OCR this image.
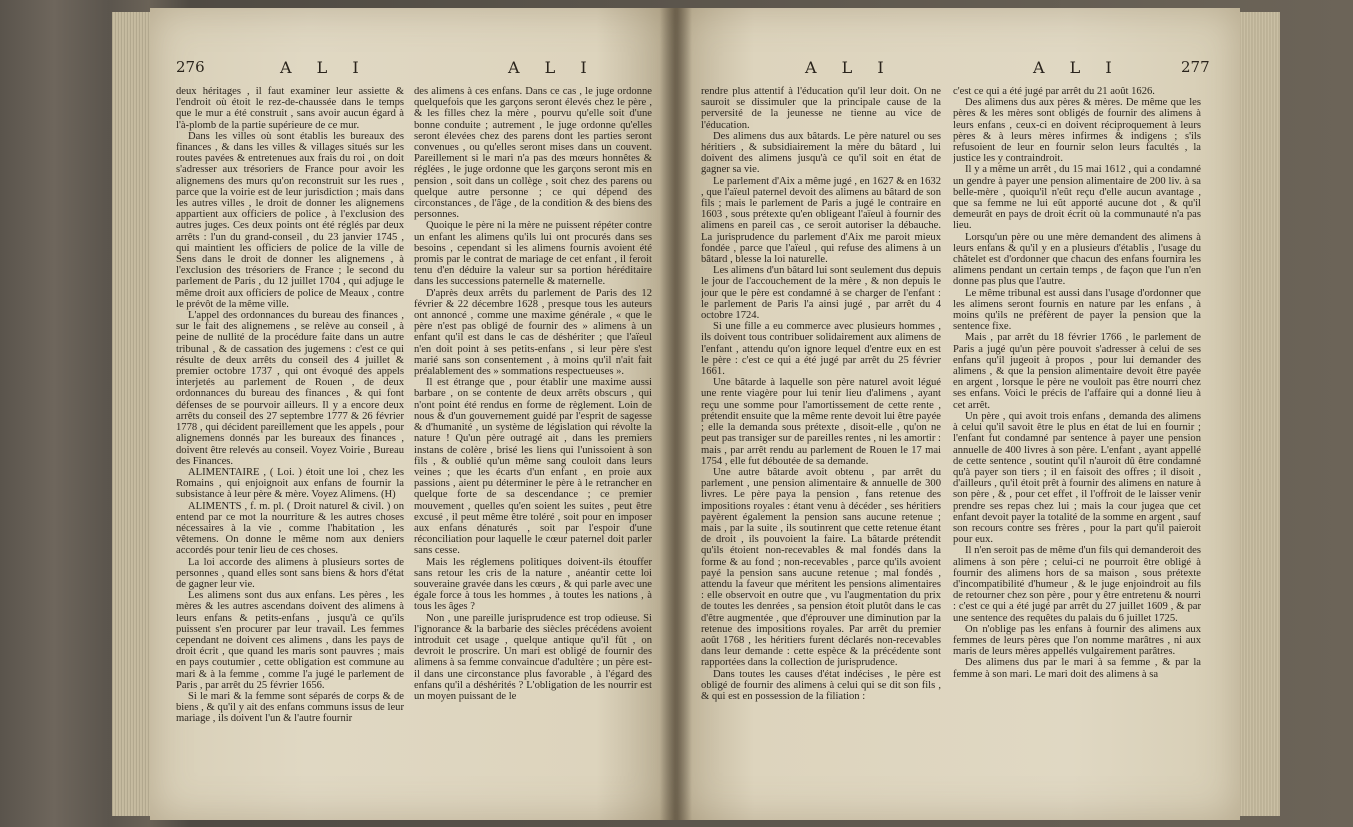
276	A L I	A L I

deux héritages , il faut examiner leur assiette & l'endroit où étoit le rez-de-chaussée dans le temps que le mur a été construit , sans avoir aucun égard à l'à-plomb de la partie supérieure de ce mur.

Dans les villes où sont établis les bureaux des finances , & dans les villes & villages situés sur les routes pavées & entretenues aux frais du roi , on doit s'adresser aux trésoriers de France pour avoir les alignemens des murs qu'on reconstruit sur les rues , parce que la voirie est de leur jurisdiction ; mais dans les autres villes , le droit de donner les alignemens appartient aux officiers de police , à l'exclusion des autres juges. Ces deux points ont été réglés par deux arrêts : l'un du grand-conseil , du 23 janvier 1745 , qui maintient les officiers de police de la ville de Sens dans le droit de donner les alignemens , à l'exclusion des trésoriers de France ; le second du parlement de Paris , du 12 juillet 1704 , qui adjuge le même droit aux officiers de police de Meaux , contre le prévôt de la même ville.

L'appel des ordonnances du bureau des finances , sur le fait des alignemens , se relève au conseil , à peine de nullité de la procédure faite dans un autre tribunal , & de cassation des jugemens : c'est ce qui résulte de deux arrêts du conseil des 4 juillet & premier octobre 1737 , qui ont évoqué des appels interjetés au parlement de Rouen , de deux ordonnances du bureau des finances , & qui font défenses de se pourvoir ailleurs. Il y a encore deux arrêts du conseil des 27 septembre 1777 & 26 février 1778 , qui décident pareillement que les appels , pour alignemens donnés par les bureaux des finances , doivent être relevés au conseil. Voyez Voirie , Bureau des Finances.

ALIMENTAIRE , ( Loi. ) étoit une loi , chez les Romains , qui enjoignoit aux enfans de fournir la subsistance à leur père & mère. Voyez Alimens. (H)

ALIMENTS , f. m. pl. ( Droit naturel & civil. ) on entend par ce mot la nourriture & les autres choses nécessaires à la vie , comme l'habitation , les vêtemens. On donne le même nom aux deniers accordés pour tenir lieu de ces choses.

La loi accorde des alimens à plusieurs sortes de personnes , quand elles sont sans biens & hors d'état de gagner leur vie.

Les alimens sont dus aux enfans. Les pères , les mères & les autres ascendans doivent des alimens à leurs enfans & petits-enfans , jusqu'à ce qu'ils puissent s'en procurer par leur travail. Les femmes cependant ne doivent ces alimens , dans les pays de droit écrit , que quand les maris sont pauvres ; mais en pays coutumier , cette obligation est commune au mari & à la femme , comme l'a jugé le parlement de Paris , par arrêt du 25 février 1656.

Si le mari & la femme sont séparés de corps & de biens , & qu'il y ait des enfans communs issus de leur mariage , ils doivent l'un & l'autre fournir

des alimens à ces enfans. Dans ce cas , le juge ordonne quelquefois que les garçons seront élevés chez le père , & les filles chez la mère , pourvu qu'elle soit d'une bonne conduite ; autrement , le juge ordonne qu'elles seront élevées chez des parens dont les parties seront convenues , ou qu'elles seront mises dans un couvent. Pareillement si le mari n'a pas des mœurs honnêtes & réglées , le juge ordonne que les garçons seront mis en pension , soit dans un collège , soit chez des parens ou quelque autre personne ; ce qui dépend des circonstances , de l'âge , de la condition & des biens des personnes.

Quoique le père ni la mère ne puissent répéter contre un enfant les alimens qu'ils lui ont procurés dans ses besoins , cependant si les alimens fournis avoient été promis par le contrat de mariage de cet enfant , il feroit tenu d'en déduire la valeur sur sa portion héréditaire dans les successions paternelle & maternelle.

D'après deux arrêts du parlement de Paris des 12 février & 22 décembre 1628 , presque tous les auteurs ont annoncé , comme une maxime générale , « que le père n'est pas obligé de fournir des » alimens à un enfant qu'il est dans le cas de déshériter ; que l'aïeul n'en doit point à ses petits-enfans , si leur père s'est marié sans son consentement , à moins qu'il n'ait fait préalablement des » sommations respectueuses ».

Il est étrange que , pour établir une maxime aussi barbare , on se contente de deux arrêts obscurs , qui n'ont point été rendus en forme de règlement. Loin de nous & d'un gouvernement guidé par l'esprit de sagesse & d'humanité , un système de législation qui révolte la nature ! Qu'un père outragé ait , dans les premiers instans de colère , brisé les liens qui l'unissoient à son fils , & oublié qu'un même sang couloit dans leurs veines ; que les écarts d'un enfant , en proie aux passions , aient pu déterminer le père à le retrancher en quelque forte de sa descendance ; ce premier mouvement , quelles qu'en soient les suites , peut être excusé , il peut même être toléré , soit pour en imposer aux enfans dénaturés , soit par l'espoir d'une réconciliation pour laquelle le cœur paternel doit parler sans cesse.

Mais les réglemens politiques doivent-ils étouffer sans retour les cris de la nature , anéantir cette loi souveraine gravée dans les cœurs , & qui parle avec une égale force à tous les hommes , à toutes les nations , à tous les âges ?

Non , une pareille jurisprudence est trop odieuse. Si l'ignorance & la barbarie des siècles précédens avoient introduit cet usage , quelque antique qu'il fût , on devroit le proscrire. Un mari est obligé de fournir des alimens à sa femme convaincue d'adultère ; un père est-il dans une circonstance plus favorable , à l'égard des enfans qu'il a déshérités ? L'obligation de les nourrir est un moyen puissant de le

A L I	A L I	277

rendre plus attentif à l'éducation qu'il leur doit. On ne sauroit se dissimuler que la principale cause de la perversité de la jeunesse ne tienne au vice de l'éducation.

Des alimens dus aux bâtards. Le père naturel ou ses héritiers , & subsidiairement la mère du bâtard , lui doivent des alimens jusqu'à ce qu'il soit en état de gagner sa vie.

Le parlement d'Aix a même jugé , en 1627 & en 1632 , que l'aïeul paternel devoit des alimens au bâtard de son fils ; mais le parlement de Paris a jugé le contraire en 1603 , sous prétexte qu'en obligeant l'aïeul à fournir des alimens en pareil cas , ce seroit autoriser la débauche. La jurisprudence du parlement d'Aix me paroit mieux fondée , parce que l'aïeul , qui refuse des alimens à un bâtard , blesse la loi naturelle.

Les alimens d'un bâtard lui sont seulement dus depuis le jour de l'accouchement de la mère , & non depuis le jour que le père est condamné à se charger de l'enfant : le parlement de Paris l'a ainsi jugé , par arrêt du 4 octobre 1724.

Si une fille a eu commerce avec plusieurs hommes , ils doivent tous contribuer solidairement aux alimens de l'enfant , attendu qu'on ignore lequel d'entre eux en est le père : c'est ce qui a été jugé par arrêt du 25 février 1661.

Une bâtarde à laquelle son père naturel avoit légué une rente viagère pour lui tenir lieu d'alimens , ayant reçu une somme pour l'amortissement de cette rente , prétendit ensuite que la même rente devoit lui être payée ; elle la demanda sous prétexte , disoit-elle , qu'on ne peut pas transiger sur de pareilles rentes , ni les amortir : mais , par arrêt rendu au parlement de Rouen le 17 mai 1754 , elle fut déboutée de sa demande.

Une autre bâtarde avoit obtenu , par arrêt du parlement , une pension alimentaire & annuelle de 300 livres. Le père paya la pension , fans retenue des impositions royales : étant venu à décéder , ses héritiers payèrent également la pension sans aucune retenue ; mais , par la suite , ils soutinrent que cette retenue étant de droit , ils pouvoient la faire. La bâtarde prétendit qu'ils étoient non-recevables & mal fondés dans la forme & au fond ; non-recevables , parce qu'ils avoient payé la pension sans aucune retenue ; mal fondés , attendu la faveur que méritent les pensions alimentaires : elle observoit en outre que , vu l'augmentation du prix de toutes les denrées , sa pension étoit plutôt dans le cas d'être augmentée , que d'éprouver une diminution par la retenue des impositions royales. Par arrêt du premier août 1768 , les héritiers furent déclarés non-recevables dans leur demande : cette espèce & la précédente sont rapportées dans la collection de jurisprudence.

Dans toutes les causes d'état indécises , le père est obligé de fournir des alimens à celui qui se dit son fils , & qui est en possession de la filiation :

c'est ce qui a été jugé par arrêt du 21 août 1626.

Des alimens dus aux pères & mères. De même que les pères & les mères sont obligés de fournir des alimens à leurs enfans , ceux-ci en doivent réciproquement à leurs pères & à leurs mères infirmes & indigens ; s'ils refusoient de leur en fournir selon leurs facultés , la justice les y contraindroit.

Il y a même un arrêt , du 15 mai 1612 , qui a condamné un gendre à payer une pension alimentaire de 200 liv. à sa belle-mère , quoiqu'il n'eût reçu d'elle aucun avantage , que sa femme ne lui eût apporté aucune dot , & qu'il demeurât en pays de droit écrit où la communauté n'a pas lieu.

Lorsqu'un père ou une mère demandent des alimens à leurs enfans & qu'il y en a plusieurs d'établis , l'usage du châtelet est d'ordonner que chacun des enfans fournira les alimens pendant un certain temps , de façon que l'un n'en donne pas plus que l'autre.

Le même tribunal est aussi dans l'usage d'ordonner que les alimens seront fournis en nature par les enfans , à moins qu'ils ne préfèrent de payer la pension que la sentence fixe.

Mais , par arrêt du 18 février 1766 , le parlement de Paris a jugé qu'un père pouvoit s'adresser à celui de ses enfans qu'il jugeoit à propos , pour lui demander des alimens , & que la pension alimentaire devoit être payée en argent , lorsque le père ne vouloit pas être nourri chez ses enfans. Voici le précis de l'affaire qui a donné lieu à cet arrêt.

Un père , qui avoit trois enfans , demanda des alimens à celui qu'il savoit être le plus en état de lui en fournir ; l'enfant fut condamné par sentence à payer une pension annuelle de 400 livres à son père. L'enfant , ayant appellé de cette sentence , soutint qu'il n'auroit dû être condamné qu'à payer son tiers ; il en faisoit des offres ; il disoit , d'ailleurs , qu'il étoit prêt à fournir des alimens en nature à son père , & , pour cet effet , il l'offroit de le laisser venir prendre ses repas chez lui ; mais la cour jugea que cet enfant devoit payer la totalité de la somme en argent , sauf son recours contre ses frères , pour la part qu'il paieroit pour eux.

Il n'en seroit pas de même d'un fils qui demanderoit des alimens à son père ; celui-ci ne pourroit être obligé à fournir des alimens hors de sa maison , sous prétexte d'incompatibilité d'humeur , & le juge enjoindroit au fils de retourner chez son père , pour y être entretenu & nourri : c'est ce qui a été jugé par arrêt du 27 juillet 1609 , & par une sentence des requêtes du palais du 6 juillet 1725.

On n'oblige pas les enfans à fournir des alimens aux femmes de leurs pères que l'on nomme marâtres , ni aux maris de leurs mères appellés vulgairement parâtres.

Des alimens dus par le mari à sa femme , & par la femme à son mari. Le mari doit des alimens à sa
